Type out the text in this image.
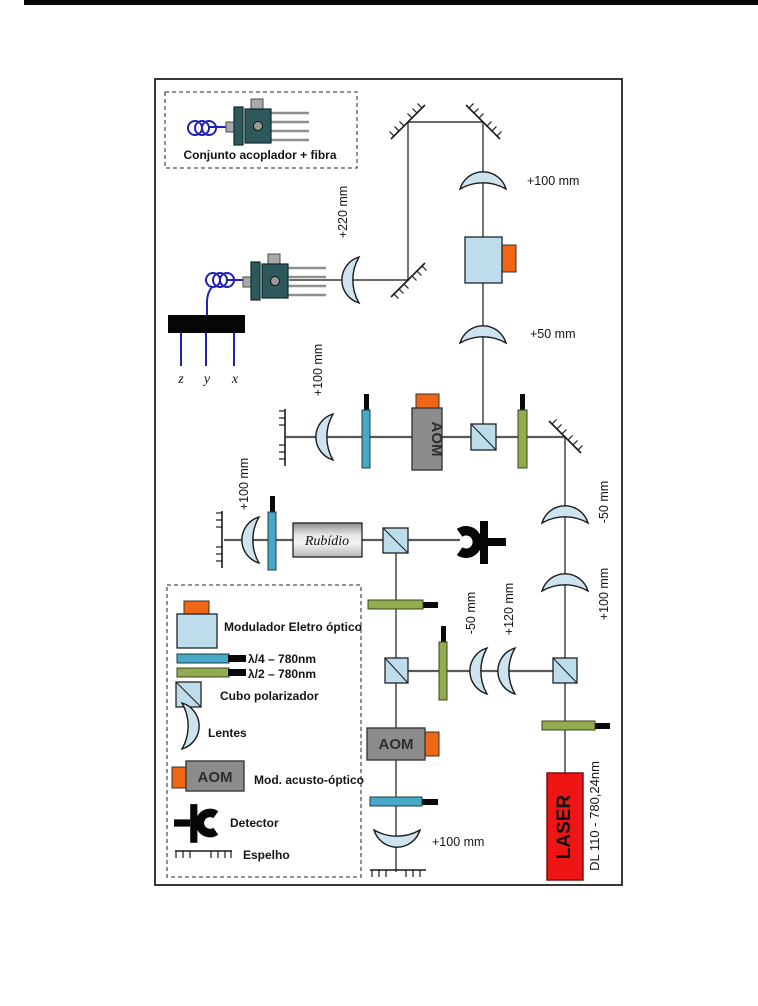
AOM
AOM
Rubídio
LASER DL 110 - 780,24nm
z y x
Conjunto acoplador + fibra
+100 mm
+50 mm
+220 mm
+100 mm
+100 mm	-50 mm
+100 mm
-50 mm +120 mm
+100 mm
Modulador Eletro óptico
λ/4 – 780nm
λ/2 – 780nm
Cubo polarizador
Lentes
AOM Mod. acusto-óptico
Detector
Espelho
